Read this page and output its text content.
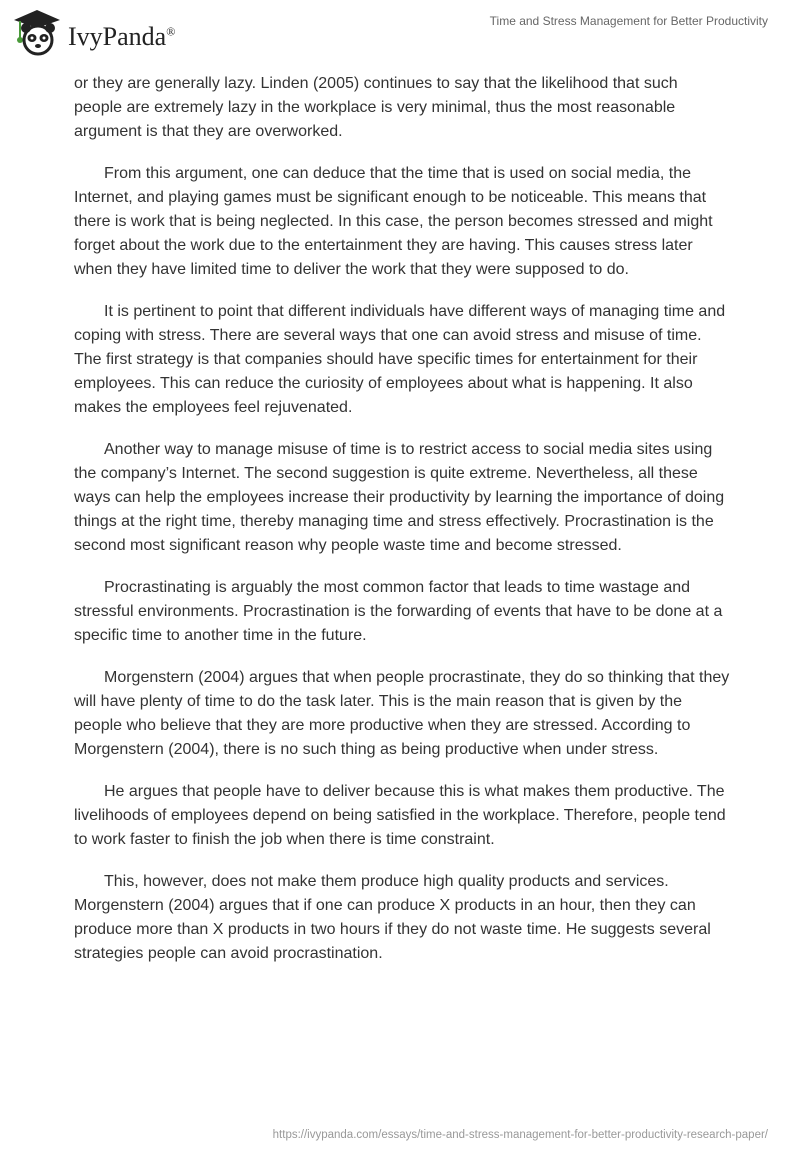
IvyPanda®
Time and Stress Management for Better Productivity

or they are generally lazy. Linden (2005) continues to say that the likelihood that such people are extremely lazy in the workplace is very minimal, thus the most reasonable argument is that they are overworked.

From this argument, one can deduce that the time that is used on social media, the Internet, and playing games must be significant enough to be noticeable. This means that there is work that is being neglected. In this case, the person becomes stressed and might forget about the work due to the entertainment they are having. This causes stress later when they have limited time to deliver the work that they were supposed to do.

It is pertinent to point that different individuals have different ways of managing time and coping with stress. There are several ways that one can avoid stress and misuse of time. The first strategy is that companies should have specific times for entertainment for their employees. This can reduce the curiosity of employees about what is happening. It also makes the employees feel rejuvenated.

Another way to manage misuse of time is to restrict access to social media sites using the company’s Internet. The second suggestion is quite extreme. Nevertheless, all these ways can help the employees increase their productivity by learning the importance of doing things at the right time, thereby managing time and stress effectively. Procrastination is the second most significant reason why people waste time and become stressed.

Procrastinating is arguably the most common factor that leads to time wastage and stressful environments. Procrastination is the forwarding of events that have to be done at a specific time to another time in the future.

Morgenstern (2004) argues that when people procrastinate, they do so thinking that they will have plenty of time to do the task later. This is the main reason that is given by the people who believe that they are more productive when they are stressed. According to Morgenstern (2004), there is no such thing as being productive when under stress.

He argues that people have to deliver because this is what makes them productive. The livelihoods of employees depend on being satisfied in the workplace. Therefore, people tend to work faster to finish the job when there is time constraint.

This, however, does not make them produce high quality products and services. Morgenstern (2004) argues that if one can produce X products in an hour, then they can produce more than X products in two hours if they do not waste time. He suggests several strategies people can avoid procrastination.

https://ivypanda.com/essays/time-and-stress-management-for-better-productivity-research-paper/
